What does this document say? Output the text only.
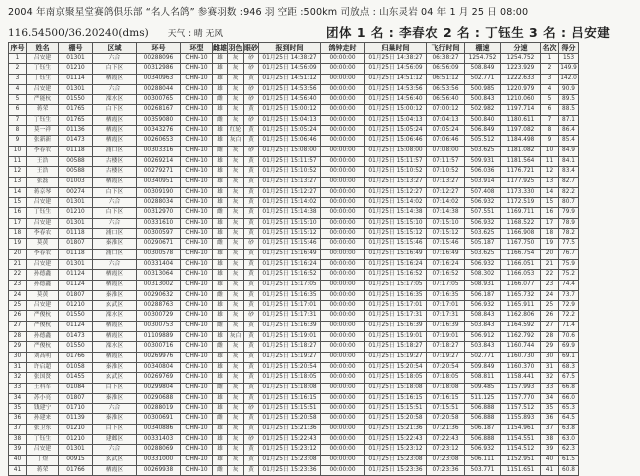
2004 年南京聚星堂赛鸽俱乐部 “名人名鸽” 参赛羽数 :946 羽 空距 :500km 司放点 : 山东灵岩 04 年 1 月 25 日 08:00
116.54500/36.20240(dms) 天气 : 晴 无风	团体 1 名 : 李春农 2 名 : 丁钰生 3 名 : 吕安建
序号	姓名	棚号	区域	环号	环型	雌雄	羽色	眼砂	报到时间	鸽钟走时	归巢时间	飞行时间	棚速	分速	名次	得分
1	吕安建	01301	六合	00288096	CHN-10	雄	灰	砂	01月25日 14:38:27	00:00:00	01月25日 14:38:27	06:38:27	1254.752	1254.752	1	153
2	丁钰生	01210	白下区	00312986	CHN-10	雄	灰	砂	01月25日 14:56:09	00:00:00	01月25日 14:56:09	06:56:09	508.849	1223.929	2	149.9
3	丁钰生	01114	栖霞区	00340963	CHN-10	雄	灰	黄	01月25日 14:51:12	00:00:00	01月25日 14:51:12	06:51:12	502.771	1222.633	3	142.0
4	吕安建	01301	六合	00288044	CHN-10	雄	灰	砂	01月25日 14:53:56	00:00:00	01月25日 14:53:56	06:53:56	500.985	1220.979	4	90.9
5	严能杭	01550	溧水区	00300765	CHN-10	雌	灰	砂	01月25日 14:56:40	00:00:00	01月25日 14:56:40	06:56:40	500.843	1210.060	5	89.5
6	蒋荣	01765	白下区	00268167	CHN-10	雄	灰	黄	01月25日 15:00:12	00:00:00	01月25日 15:00:12	07:00:12	502.982	1197.714	6	88.5
7	丁钰生	01765	栖霞区	00359080	CHN-10	雌	灰	砂	01月25日 15:04:13	00:00:00	01月25日 15:04:13	07:04:13	500.840	1180.611	7	87.1
8	莫一祥	01136	栖霞区	00343276	CHN-10	雄	红轮	黄	01月25日 15:05:24	00:00:00	01月25日 15:05:24	07:05:24	506.849	1197.082	8	86.4
9	张新新	01473	栖霞区	00260653	CHN-10	雄	灰白	黄	01月25日 15:06:46	00:00:00	01月25日 15:06:46	07:06:46	505.512	1184.498	9	85.4
10	李春农	01118	浦口区	00303316	CHN-10	雌	灰	砂	01月25日 15:08:00	00:00:00	01月25日 15:08:00	07:08:00	503.625	1181.082	10	84.9
11	王浩	00588	古楼区	00269214	CHN-10	雄	灰	黄	01月25日 15:11:57	00:00:00	01月25日 15:11:57	07:11:57	509.931	1181.564	11	84.1
12	王浩	00588	古楼区	00279271	CHN-10	雄	灰	黄	01月25日 15:10:52	00:00:00	01月25日 15:10:52	07:10:52	506.036	1176.721	12	83.4
13	张磊	01003	栖霞区	00340951	CHN-10	雄	灰	黄	01月25日 15:13:27	00:00:00	01月25日 15:13:27	07:13:27	503.914	1177.925	13	82.7
14	蒋京琴	00274	白下区	00309190	CHN-10	雄	灰	黄	01月25日 15:12:27	00:00:00	01月25日 15:12:27	07:12:27	507.408	1173.330	14	82.2
15	吕安建	01301	六合	00288034	CHN-10	雄	灰	黄	01月25日 15:14:02	00:00:00	01月25日 15:14:02	07:14:02	506.932	1172.519	15	80.7
16	丁钰生	01210	白下区	00312970	CHN-10	雌	灰	黄	01月25日 15:14:38	00:00:00	01月25日 15:14:38	07:14:38	507.551	1169.711	16	79.9
17	吕安建	01301	六合	00331610	CHN-10	雄	灰	黄	01月25日 15:15:10	00:00:00	01月25日 15:15:10	07:15:10	506.932	1168.522	17	78.9
18	李春农	01118	浦口区	00300597	CHN-10	雄	灰	黄	01月25日 15:15:12	00:00:00	01月25日 15:15:12	07:15:12	503.625	1166.908	18	78.2
19	莫黄	01807	秦淮区	00290671	CHN-10	雌	灰	砂	01月25日 15:15:46	00:00:00	01月25日 15:15:46	07:15:46	505.187	1167.750	19	77.5
20	李春农	01118	浦口区	00300578	CHN-10	雄	灰	黄	01月25日 15:16:49	00:00:00	01月25日 15:16:49	07:16:49	503.625	1166.754	20	76.7
21	吕安建	01301	六合	00331404	CHN-10	雄	灰	黄	01月25日 15:16:24	00:00:00	01月25日 15:16:24	07:16:24	506.932	1166.051	21	75.9
22	孙德鑫	01124	栖霞区	00313064	CHN-10	雄	灰	黄	01月25日 15:16:52	00:00:00	01月25日 15:16:52	07:16:52	508.302	1166.053	22	75.2
23	孙德鑫	01124	栖霞区	00313002	CHN-10	雄	灰	黄	01月25日 15:17:05	00:00:00	01月25日 15:17:05	07:17:05	508.931	1166.077	23	74.4
24	莫黄	01807	秦淮区	00290632	CHN-10	雌	灰	黄	01月25日 15:16:35	00:00:00	01月25日 15:16:35	07:16:35	506.187	1165.732	24	73.7
25	吕安建	01210	玄武区	00288763	CHN-10	雄	灰	黄	01月25日 15:17:01	00:00:00	01月25日 15:17:01	07:17:01	506.932	1165.911	25	72.9
26	严俊杭	01550	溧水区	00300729	CHN-10	雄	灰	砂	01月25日 15:17:31	00:00:00	01月25日 15:17:31	07:17:31	508.843	1162.806	26	72.2
27	严俊杭	01124	栖霞区	00300753	CHN-10	雌	灰	黄	01月25日 15:16:39	00:00:00	01月25日 15:16:39	07:16:39	503.843	1164.592	27	71.4
28	孙德鑫	01473	栖霞区	01109889	CHN-10	雄	灰白	黄	01月25日 15:19:01	00:00:00	01月25日 15:19:01	07:19:01	506.912	1162.792	28	70.6
29	严俊杭	01550	溧水区	00300716	CHN-10	雌	灰	黄	01月25日 15:18:27	00:00:00	01月25日 15:18:27	07:18:27	503.843	1160.744	29	69.9
30	刘高明	01766	栖霞区	00269976	CHN-10	雄	灰	黄	01月25日 15:19:27	00:00:00	01月25日 15:19:27	07:19:27	502.771	1160.730	30	69.1
31	许启超	01058	秦淮区	00340804	CHN-10	雄	灰	黄	01月25日 15:20:54	00:00:00	01月25日 15:20:54	07:20:54	509.849	1160.370	31	68.3
32	张国贤	01455	玄武区	00269769	CHN-10	雄	灰	黄	01月25日 15:18:05	00:00:00	01月25日 15:18:05	07:18:05	508.811	1158.441	32	67.5
33	王科军	01084	白下区	00299804	CHN-10	雌	灰	黄	01月25日 15:18:08	00:00:00	01月25日 15:18:08	07:18:08	509.485	1157.993	33	66.8
34	苏小亮	01807	秦淮区	00290688	CHN-10	雄	灰	黄	01月25日 15:16:15	00:00:00	01月25日 15:16:15	07:16:15	511.125	1157.770	34	66.0
35	钱建宁	01710	六合	00288019	CHN-10	雄	灰	砂	01月25日 15:15:51	00:00:00	01月25日 15:15:51	07:15:51	506.888	1157.512	35	65.3
36	孙建来	01139	秦淮区	00300691	CHN-10	雌	灰	黄	01月25日 15:20:58	00:00:00	01月25日 15:20:58	07:20:58	506.888	1155.893	36	64.5
37	张卫东	01210	白下区	00340886	CHN-10	雄	灰	黄	01月25日 15:21:36	00:00:00	01月25日 15:21:36	07:21:36	506.187	1154.961	37	63.8
38	丁钰生	01210	建邺区	00331403	CHN-10	雄	灰	砂	01月25日 15:22:43	00:00:00	01月25日 15:22:43	07:22:43	506.888	1154.551	38	63.0
39	吕安建	01301	六合	00288069	CHN-10	雄	灰	黄	01月25日 15:23:12	00:00:00	01月25日 15:23:12	07:23:12	506.932	1154.512	39	62.3
40	丁煜	00915	玄武区	00331000	CHN-10	雄	灰	黄	01月25日 15:23:08	00:00:00	01月25日 15:23:08	07:23:08	506.111	1152.951	40	61.5
41	蒋荣	01766	栖霞区	00269938	CHN-10	雌	灰	黄	01月25日 15:23:36	00:00:00	01月25日 15:23:36	07:23:36	503.771	1151.651	41	60.8
